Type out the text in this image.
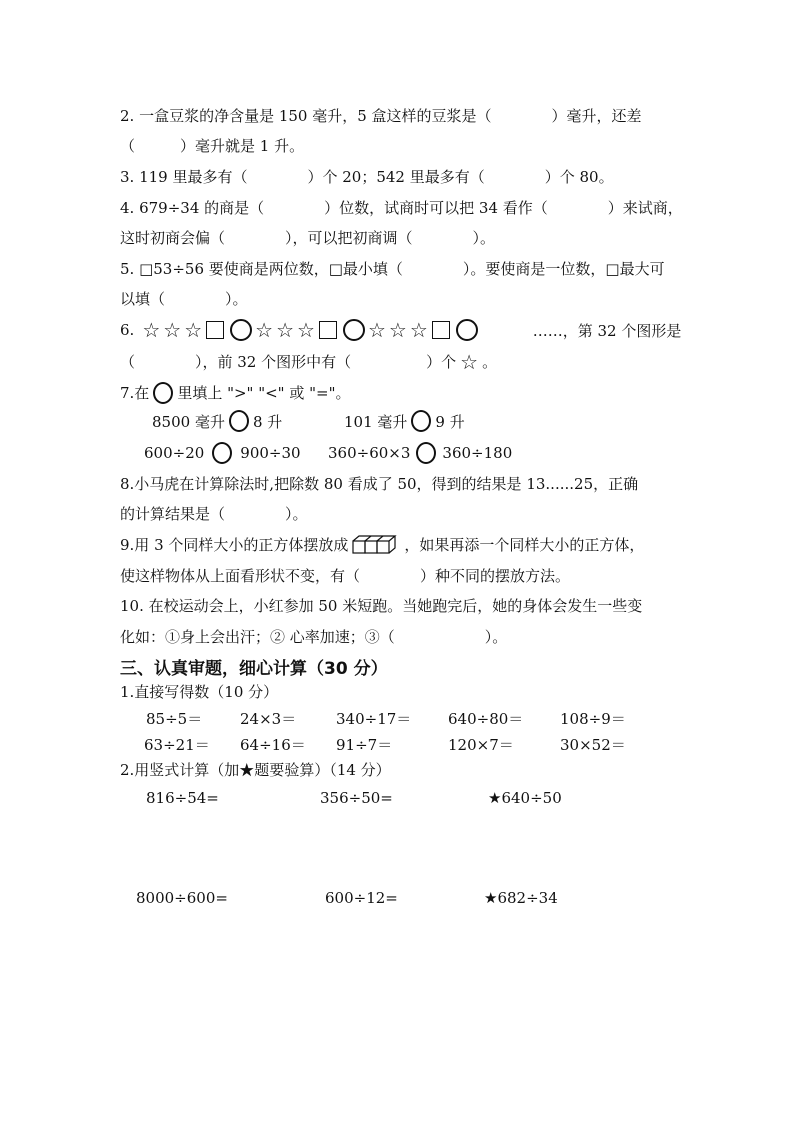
2. 一盒豆浆的净含量是 150 毫升，5 盒这样的豆浆是（　　　　）毫升，还差
（　　　）毫升就是 1 升。
3. 119 里最多有（　　　　）个 20；542 里最多有（　　　　）个 80。
4. 679÷34 的商是（　　　　）位数，试商时可以把 34 看作（　　　　）来试商，
这时初商会偏（　　　　），可以把初商调（　　　　）。
5. □53÷56 要使商是两位数，□最小填（　　　　）。要使商是一位数，□最大可
以填（　　　　）。
6. ☆ ☆ ☆	☆ ☆ ☆	☆ ☆ ☆	……，第 32 个图形是
（　　　　），前 32 个图形中有（　　　　　）个 ☆ 。
7.在 里填上 ">" "<" 或 "="。
8500 毫升 8 升	101 毫升 9 升
600÷20 900÷30 360÷60×3 360÷180
8.小马虎在计算除法时,把除数 80 看成了 50，得到的结果是 13......25，正确
的计算结果是（　　　　）。
9.用 3 个同样大小的正方体摆放成	，如果再添一个同样大小的正方体，
使这样物体从上面看形状不变，有（　　　　）种不同的摆放方法。
10. 在校运动会上，小红参加 50 米短跑。当她跑完后，她的身体会发生一些变
化如：①身上会出汗；② 心率加速；③（　　　　　　）。
三、认真审题，细心计算（30 分）
1.直接写得数（10 分）
85÷5＝	24×3＝	340÷17＝ 640÷80＝ 108÷9＝
63÷21＝ 64÷16＝ 91÷7＝	120×7＝	30×52＝
2.用竖式计算（加★题要验算）（14 分）
816÷54=	356÷50=	★640÷50
8000÷600=	600÷12=	★682÷34
